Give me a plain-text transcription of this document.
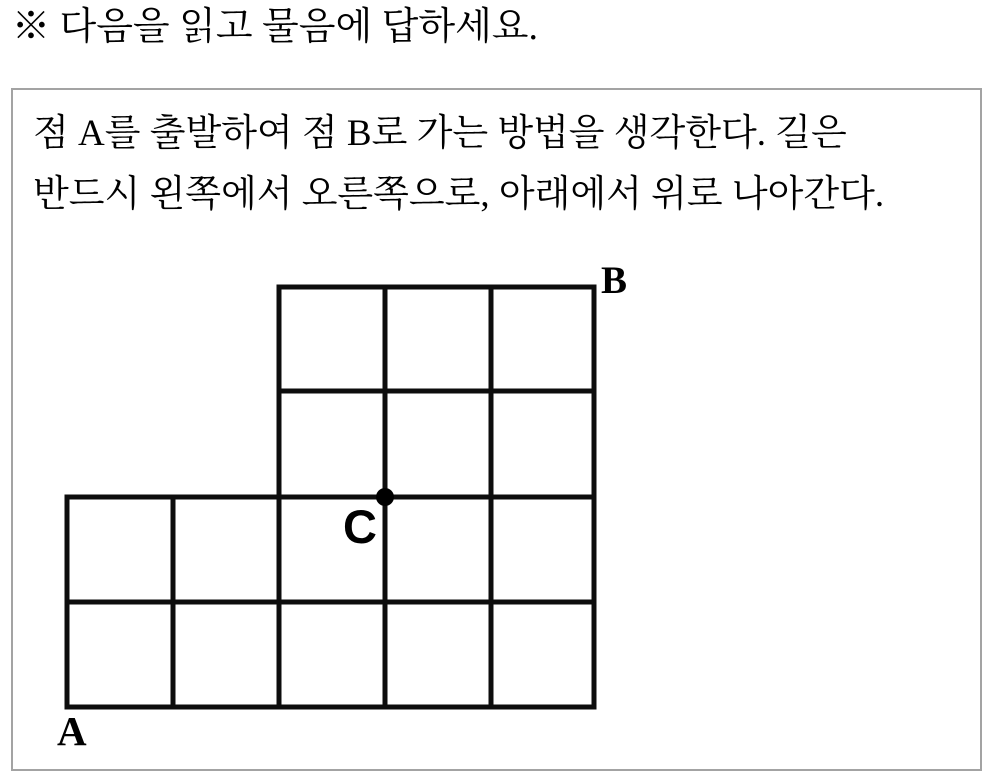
※ 다음을 읽고 물음에 답하세요.

점 A를 출발하여 점 B로 가는 방법을 생각한다. 길은

반드시 왼쪽에서 오른쪽으로, 아래에서 위로 나아간다.

A
B
C
